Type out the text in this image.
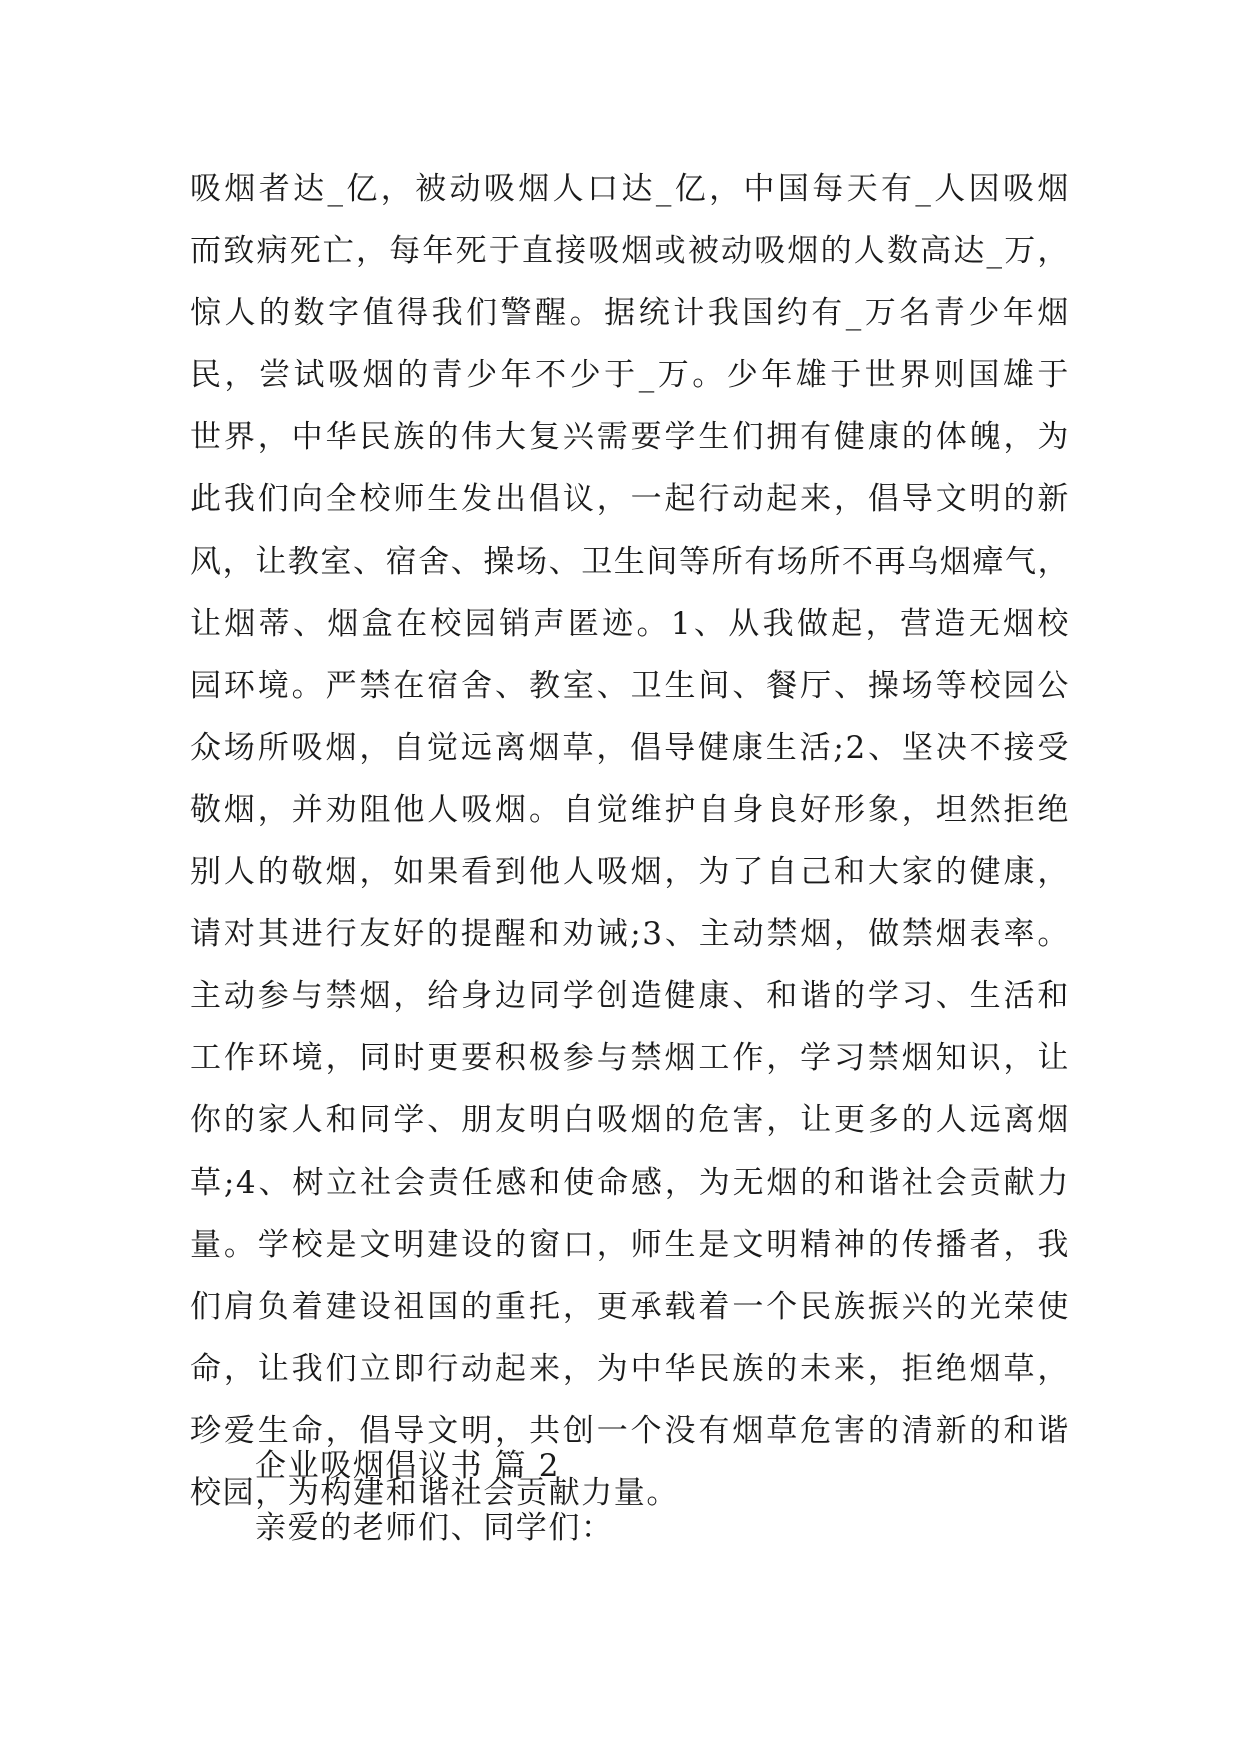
吸烟者达_亿，被动吸烟人口达_亿，中国每天有_人因吸烟
而致病死亡，每年死于直接吸烟或被动吸烟的人数高达_万，
惊人的数字值得我们警醒。据统计我国约有_万名青少年烟
民，尝试吸烟的青少年不少于_万。少年雄于世界则国雄于
世界，中华民族的伟大复兴需要学生们拥有健康的体魄，为
此我们向全校师生发出倡议，一起行动起来，倡导文明的新
风，让教室、宿舍、操场、卫生间等所有场所不再乌烟瘴气，
让烟蒂、烟盒在校园销声匿迹。1、从我做起，营造无烟校
园环境。严禁在宿舍、教室、卫生间、餐厅、操场等校园公
众场所吸烟，自觉远离烟草，倡导健康生活;2、坚决不接受
敬烟，并劝阻他人吸烟。自觉维护自身良好形象，坦然拒绝
别人的敬烟，如果看到他人吸烟，为了自己和大家的健康，
请对其进行友好的提醒和劝诫;3、主动禁烟，做禁烟表率。
主动参与禁烟，给身边同学创造健康、和谐的学习、生活和
工作环境，同时更要积极参与禁烟工作，学习禁烟知识，让
你的家人和同学、朋友明白吸烟的危害，让更多的人远离烟
草;4、树立社会责任感和使命感，为无烟的和谐社会贡献力
量。学校是文明建设的窗口，师生是文明精神的传播者，我
们肩负着建设祖国的重托，更承载着一个民族振兴的光荣使
命，让我们立即行动起来，为中华民族的未来，拒绝烟草，
珍爱生命，倡导文明，共创一个没有烟草危害的清新的和谐
校园，为构建和谐社会贡献力量。

企业吸烟倡议书 篇 2

亲爱的老师们、同学们：
